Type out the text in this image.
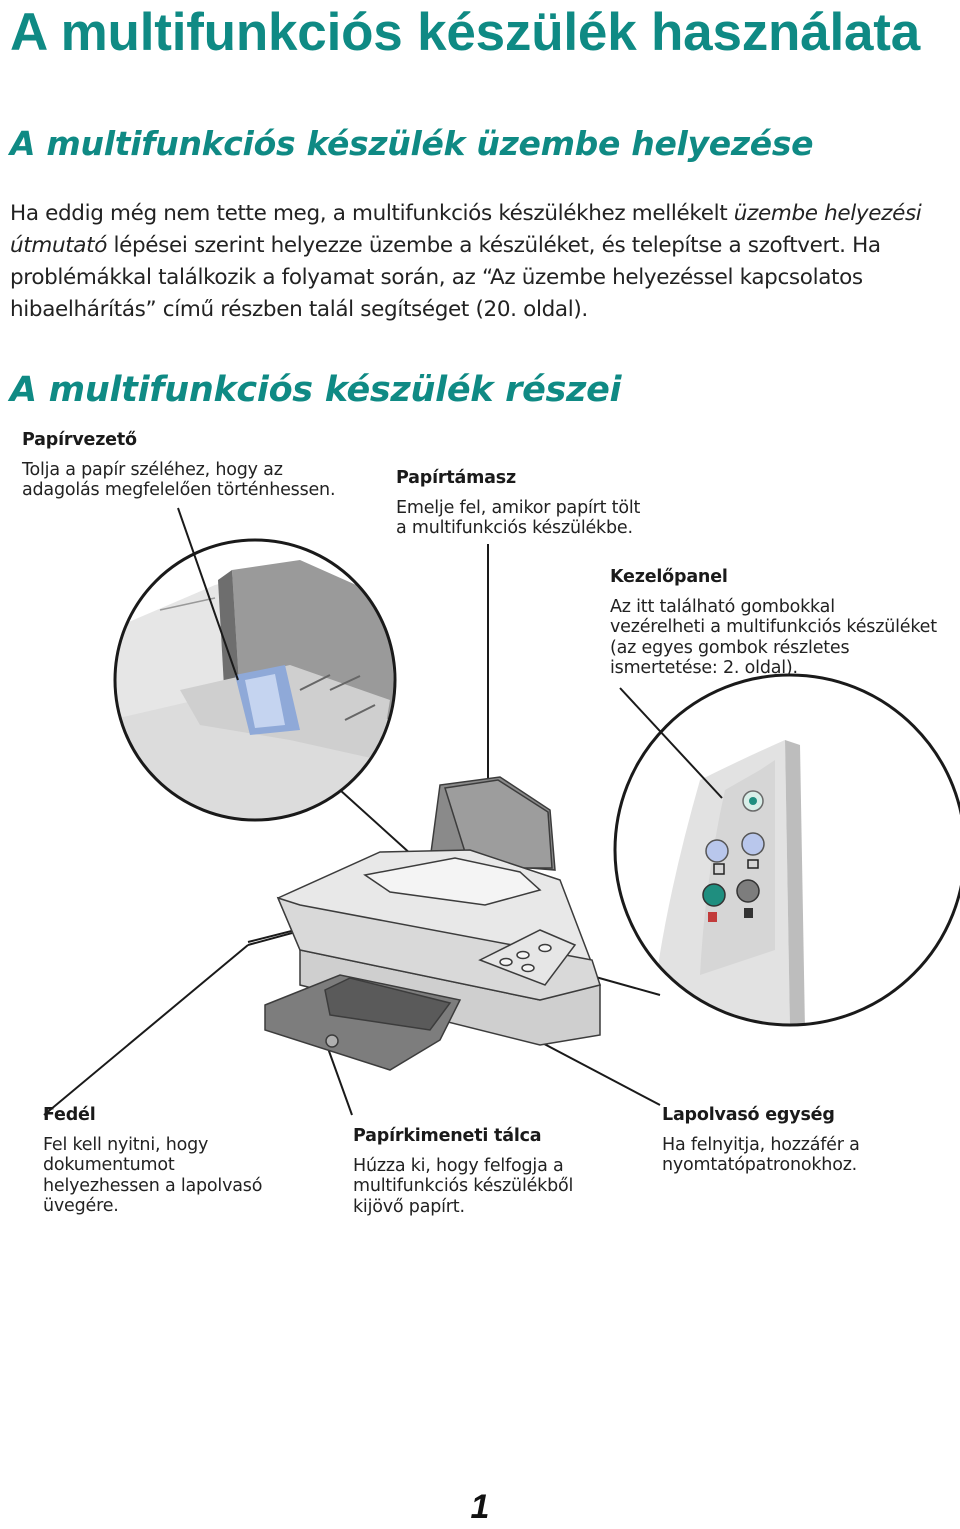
A multifunkciós készülék használata
A multifunkciós készülék üzembe helyezése

Ha eddig még nem tette meg, a multifunkciós készülékhez mellékelt üzembe helyezési útmutató lépései szerint helyezze üzembe a készüléket, és telepítse a szoftvert. Ha problémákkal találkozik a folyamat során, az “Az üzembe helyezéssel kapcsolatos hibaelhárítás” című részben talál segítséget (20. oldal).

A multifunkciós készülék részei
Papírvezető
Tolja a papír széléhez, hogy az
adagolás megfelelően történhessen.
Papírtámasz
Emelje fel, amikor papírt tölt
a multifunkciós készülékbe.
Kezelőpanel
Az itt található gombokkal
vezérelheti a multifunkciós készüléket
(az egyes gombok részletes
ismertetése: 2. oldal).
Fedél
Fel kell nyitni, hogy
dokumentumot
helyezhessen a lapolvasó
üvegére.
Papírkimeneti tálca
Húzza ki, hogy felfogja a
multifunkciós készülékből
kijövő papírt.
Lapolvasó egység
Ha felnyitja, hozzáfér a
nyomtatópatronokhoz.
1
